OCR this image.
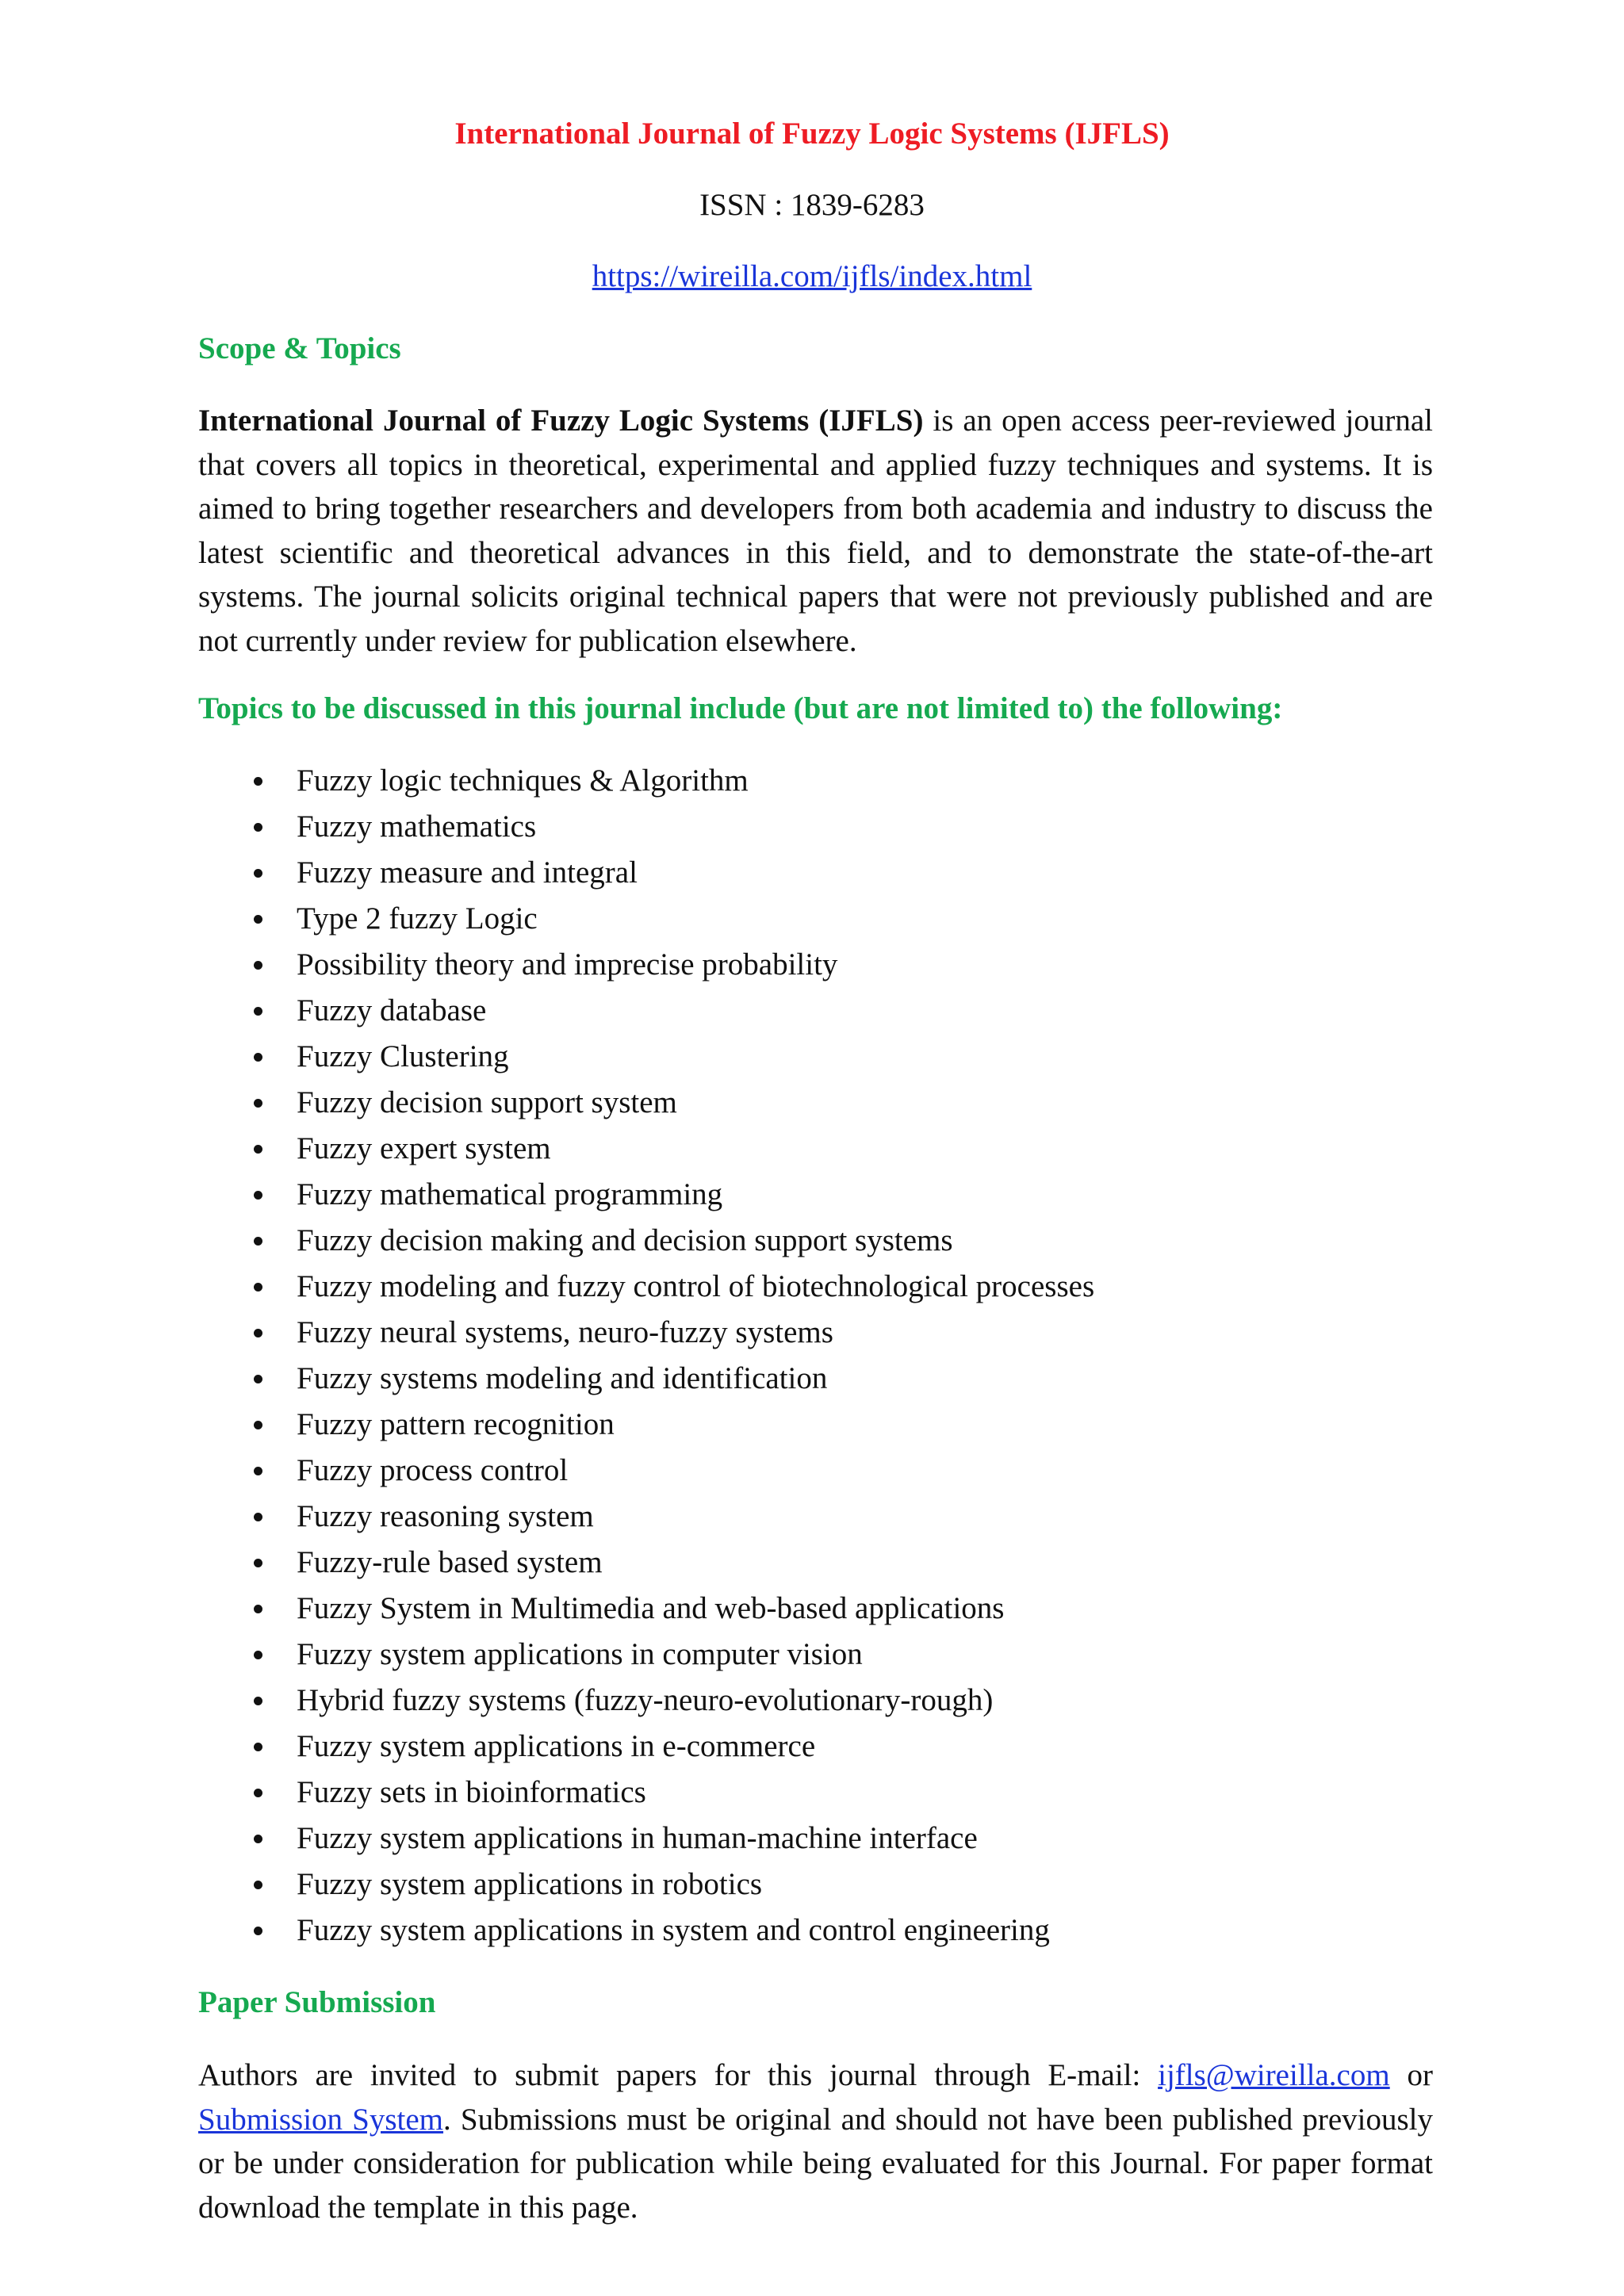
International Journal of Fuzzy Logic Systems (IJFLS)
ISSN : 1839-6283
https://wireilla.com/ijfls/index.html
Scope & Topics
International Journal of Fuzzy Logic Systems (IJFLS) is an open access peer-reviewed journal that covers all topics in theoretical, experimental and applied fuzzy techniques and systems. It is aimed to bring together researchers and developers from both academia and industry to discuss the latest scientific and theoretical advances in this field, and to demonstrate the state-of-the-art systems. The journal solicits original technical papers that were not previously published and are not currently under review for publication elsewhere.
Topics to be discussed in this journal include (but are not limited to) the following:
Fuzzy logic techniques & Algorithm
Fuzzy mathematics
Fuzzy measure and integral
Type 2 fuzzy Logic
Possibility theory and imprecise probability
Fuzzy database
Fuzzy Clustering
Fuzzy decision support system
Fuzzy expert system
Fuzzy mathematical programming
Fuzzy decision making and decision support systems
Fuzzy modeling and fuzzy control of biotechnological processes
Fuzzy neural systems, neuro-fuzzy systems
Fuzzy systems modeling and identification
Fuzzy pattern recognition
Fuzzy process control
Fuzzy reasoning system
Fuzzy-rule based system
Fuzzy System in Multimedia and web-based applications
Fuzzy system applications in computer vision
Hybrid fuzzy systems (fuzzy-neuro-evolutionary-rough)
Fuzzy system applications in e-commerce
Fuzzy sets in bioinformatics
Fuzzy system applications in human-machine interface
Fuzzy system applications in robotics
Fuzzy system applications in system and control engineering
Paper Submission
Authors are invited to submit papers for this journal through E-mail: ijfls@wireilla.com or Submission System. Submissions must be original and should not have been published previously or be under consideration for publication while being evaluated for this Journal. For paper format download the template in this page.
